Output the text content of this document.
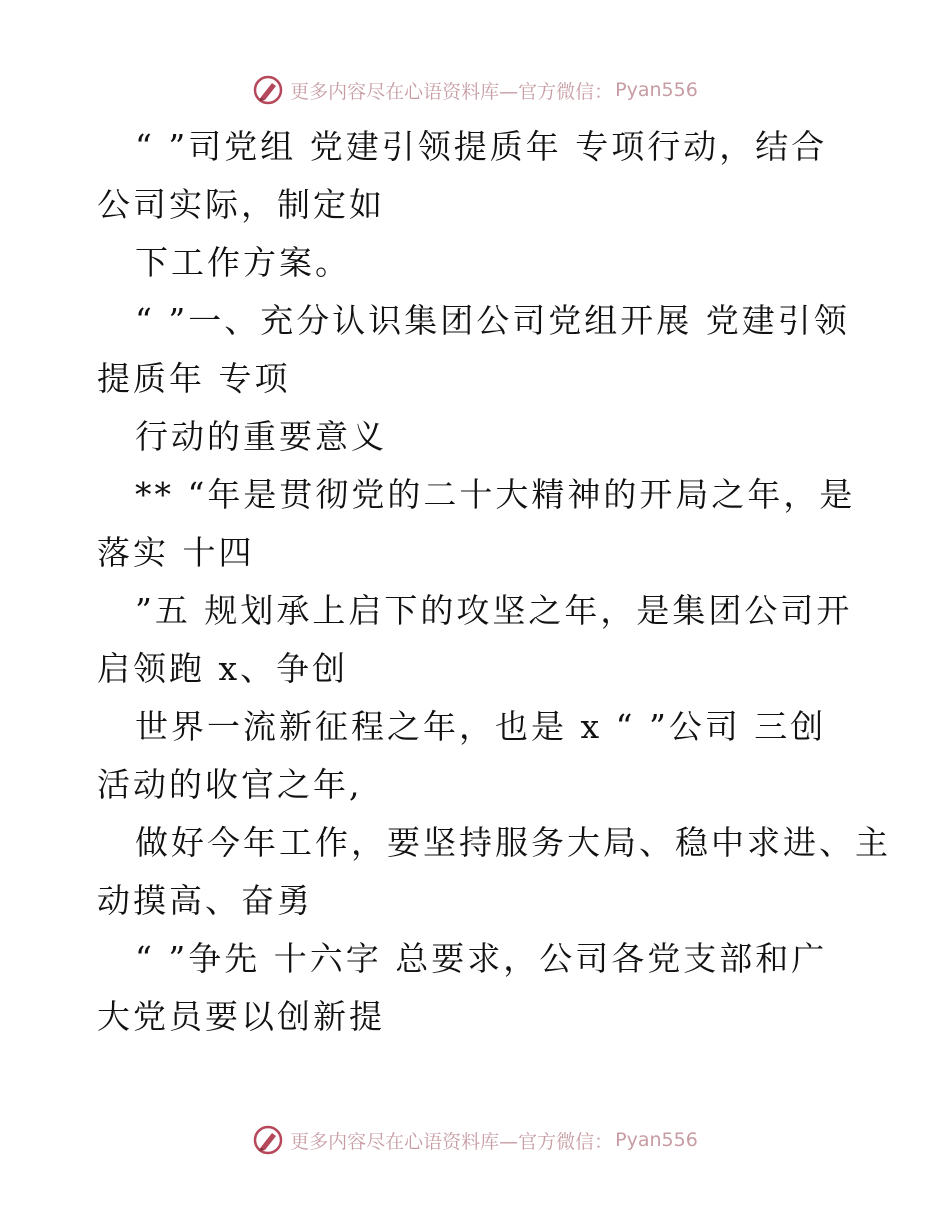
更多内容尽在心语资料库—官方微信： Pyan556
“ ”司党组 党建引领提质年 专项行动，结合
公司实际，制定如
下工作方案。
“ ”一、充分认识集团公司党组开展 党建引领
提质年 专项
行动的重要意义
** “年是贯彻党的二十大精神的开局之年，是
落实 十四
”五 规划承上启下的攻坚之年，是集团公司开
启领跑 x、争创
世界一流新征程之年，也是 x “ ”公司 三创
活动的收官之年,
做好今年工作，要坚持服务大局、稳中求进、主
动摸高、奋勇
“ ”争先 十六字 总要求，公司各党支部和广
大党员要以创新提
更多内容尽在心语资料库—官方微信： Pyan556
